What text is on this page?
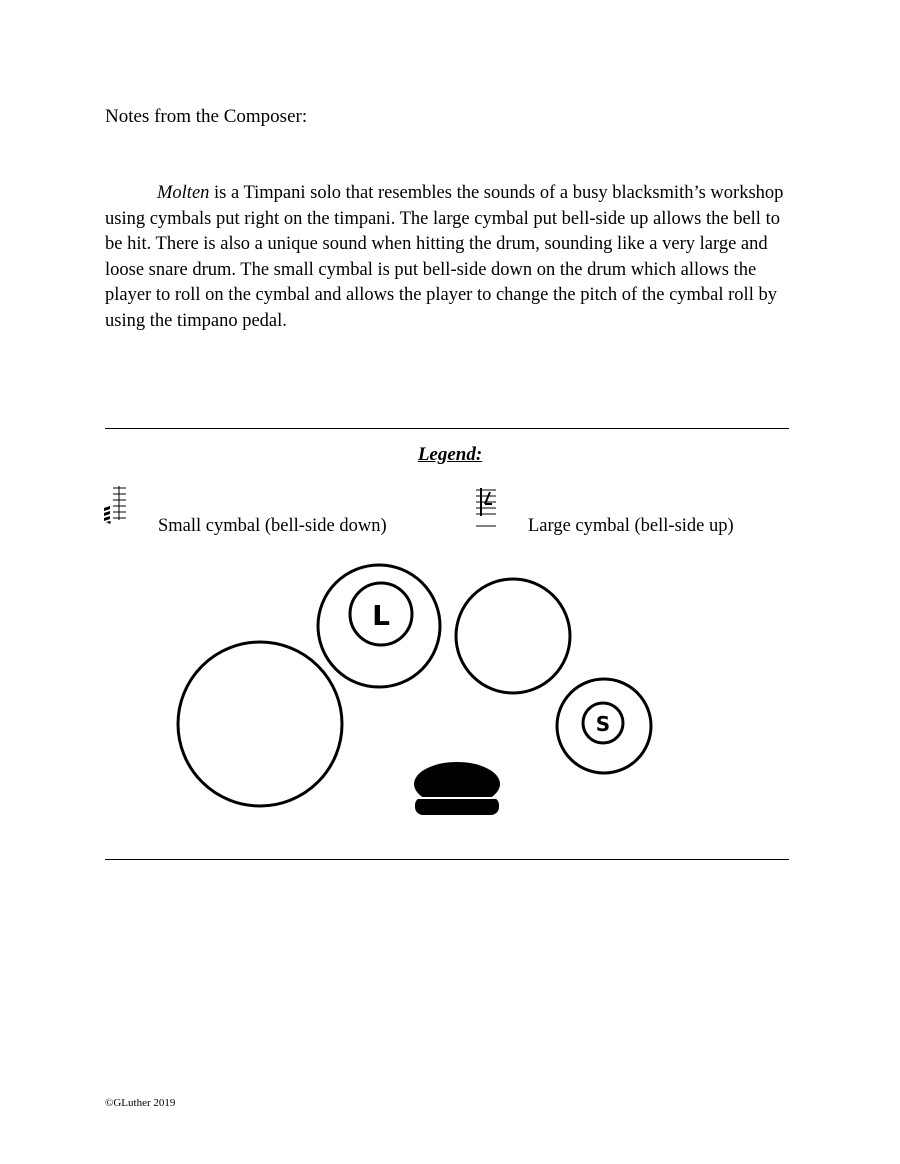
Notes from the Composer:

Molten is a Timpani solo that resembles the sounds of a busy blacksmith’s workshop using cymbals put right on the timpani. The large cymbal put bell-side up allows the bell to be hit. There is also a unique sound when hitting the drum, sounding like a very large and loose snare drum. The small cymbal is put bell-side down on the drum which allows the player to roll on the cymbal and allows the player to change the pitch of the cymbal roll by using the timpano pedal.

Legend:
Small cymbal (bell-side down)	Large cymbal (bell-side up)
L
S
©GLuther 2019
